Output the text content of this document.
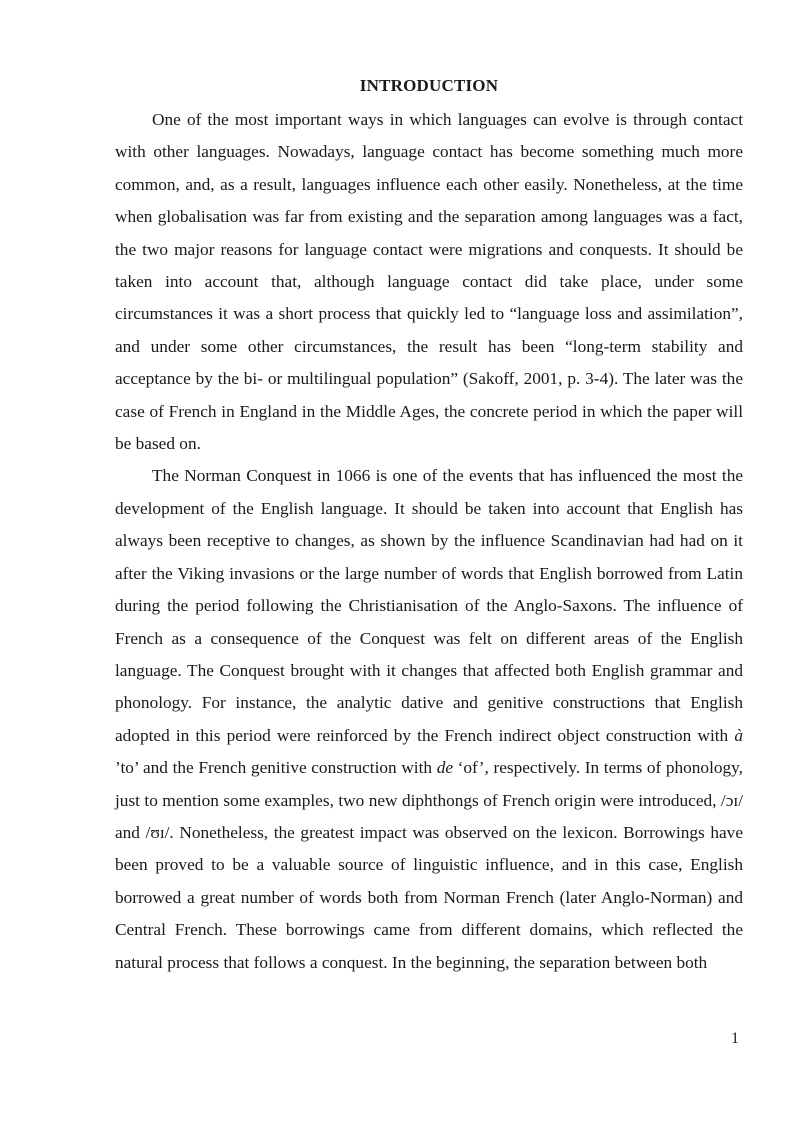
INTRODUCTION

One of the most important ways in which languages can evolve is through contact with other languages. Nowadays, language contact has become something much more common, and, as a result, languages influence each other easily. Nonetheless, at the time when globalisation was far from existing and the separation among languages was a fact, the two major reasons for language contact were migrations and conquests. It should be taken into account that, although language contact did take place, under some circumstances it was a short process that quickly led to “language loss and assimilation”, and under some other circumstances, the result has been “long-term stability and acceptance by the bi- or multilingual population” (Sakoff, 2001, p. 3-4). The later was the case of French in England in the Middle Ages, the concrete period in which the paper will be based on.

The Norman Conquest in 1066 is one of the events that has influenced the most the development of the English language. It should be taken into account that English has always been receptive to changes, as shown by the influence Scandinavian had had on it after the Viking invasions or the large number of words that English borrowed from Latin during the period following the Christianisation of the Anglo-Saxons. The influence of French as a consequence of the Conquest was felt on different areas of the English language. The Conquest brought with it changes that affected both English grammar and phonology. For instance, the analytic dative and genitive constructions that English adopted in this period were reinforced by the French indirect object construction with à ’to’ and the French genitive construction with de ‘of’, respectively. In terms of phonology, just to mention some examples, two new diphthongs of French origin were introduced, /ɔɪ/ and /ʊɪ/. Nonetheless, the greatest impact was observed on the lexicon. Borrowings have been proved to be a valuable source of linguistic influence, and in this case, English borrowed a great number of words both from Norman French (later Anglo-Norman) and Central French. These borrowings came from different domains, which reflected the natural process that follows a conquest. In the beginning, the separation between both

1
